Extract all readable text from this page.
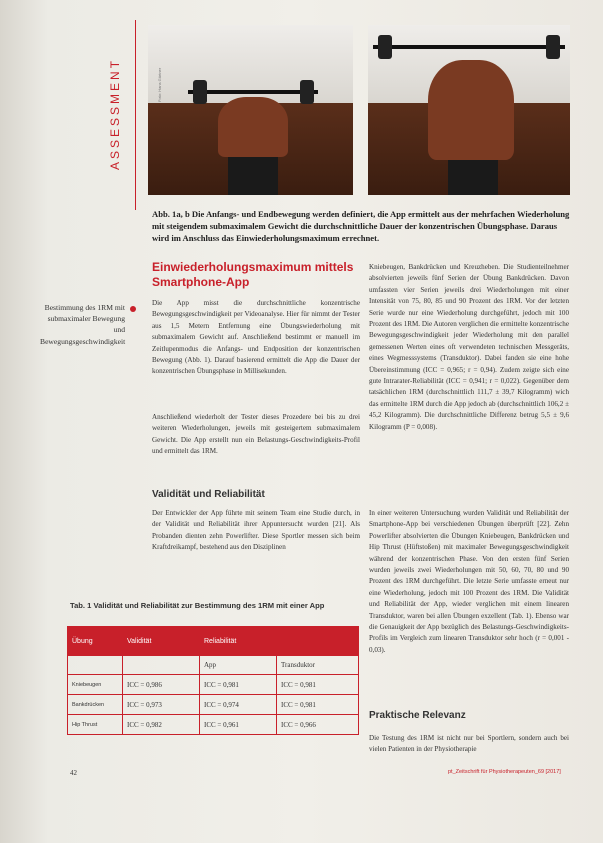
ASSESSMENT	Foto: Hans Gärtner

Abb. 1a, b Die Anfangs- und Endbewegung werden definiert, die App ermittelt aus der mehrfachen Wiederholung mit steigendem submaximalem Gewicht die durchschnittliche Dauer der konzentrischen Übungsphase. Daraus wird im Anschluss das Einwiederholungsmaximum errechnet.

Einwiederholungsmaximum mittels Smartphone-App
Bestimmung des 1RM mit submaximaler Bewegung und Bewegungsgeschwindigkeit

Die App misst die durchschnittliche konzentrische Bewegungsgeschwindigkeit per Videoanalyse. Hier für nimmt der Tester aus 1,5 Metern Entfernung eine Übungswiederholung mit submaximalem Gewicht auf. Anschließend bestimmt er manuell im Zeitlupenmodus die Anfangs- und Endposition der konzentrischen Bewegung (Abb. 1). Darauf basierend ermittelt die App die Dauer der konzentrischen Übungsphase in Millisekunden.

Anschließend wiederholt der Tester dieses Prozedere bei bis zu drei weiteren Wiederholungen, jeweils mit gesteigertem submaximalem Gewicht. Die App erstellt nun ein Belastungs-Geschwindigkeits-Profil und ermittelt das 1RM.

Validität und Reliabilität

Der Entwickler der App führte mit seinem Team eine Studie durch, in der Validität und Reliabilität ihrer Appuntersucht wurden [21]. Als Probanden dienten zehn Powerlifter. Diese Sportler messen sich beim Kraftdreikampf, bestehend aus den Disziplinen

Tab. 1 Validität und Reliabilität zur Bestimmung des 1RM mit einer App
Übung	Validität	Reliabilität	
		App	Transduktor
Kniebeugen	ICC = 0,986	ICC = 0,981	ICC = 0,981
Bankdrücken	ICC = 0,973	ICC = 0,974	ICC = 0,981
Hip Thrust	ICC = 0,982	ICC = 0,961	ICC = 0,966

Kniebeugen, Bankdrücken und Kreuzheben. Die Studienteilnehmer absolvierten jeweils fünf Serien der Übung Bankdrücken. Davon umfassten vier Serien jeweils drei Wiederholungen mit einer Intensität von 75, 80, 85 und 90 Prozent des 1RM. Vor der letzten Serie wurde nur eine Wiederholung durchgeführt, jedoch mit 100 Prozent des 1RM. Die Autoren verglichen die ermittelte konzentrische Bewegungsgeschwindigkeit jeder Wiederholung mit den parallel gemessenen Werten eines oft verwendeten technischen Messgeräts, eines Wegmesssystems (Transduktor). Dabei fanden sie eine hohe Übereinstimmung (ICC = 0,965; r = 0,94). Zudem zeigte sich eine gute Intrarater-Reliabilität (ICC = 0,941; r = 0,022). Gegenüber dem tatsächlichen 1RM (durchschnittlich 111,7 ± 39,7 Kilogramm) wich das ermittelte 1RM durch die App jedoch ab (durchschnittlich 106,2 ± 45,2 Kilogramm). Die durchschnittliche Differenz betrug 5,5 ± 9,6 Kilogramm (P = 0,008).

In einer weiteren Untersuchung wurden Validität und Reliabilität der Smartphone-App bei verschiedenen Übungen überprüft [22]. Zehn Powerlifter absolvierten die Übungen Kniebeugen, Bankdrücken und Hip Thrust (Hüftstoßen) mit maximaler Bewegungsgeschwindigkeit während der konzentrischen Phase. Von den ersten fünf Serien wurden jeweils zwei Wiederholungen mit 50, 60, 70, 80 und 90 Prozent des 1RM durchgeführt. Die letzte Serie umfasste erneut nur eine Wiederholung, jedoch mit 100 Prozent des 1RM. Die Validität und Reliabilität der App, wieder verglichen mit einem linearen Transduktor, waren bei allen Übungen exzellent (Tab. 1). Ebenso war die Genauigkeit der App bezüglich des Belastungs-Geschwindigkeits-Profils im Vergleich zum linearen Transduktor sehr hoch (r = 0,001 - 0,03).

Praktische Relevanz

Die Testung des 1RM ist nicht nur bei Sportlern, sondern auch bei vielen Patienten in der Physiotherapie

42	pt_Zeitschrift für Physiotherapeuten_69 [2017]
